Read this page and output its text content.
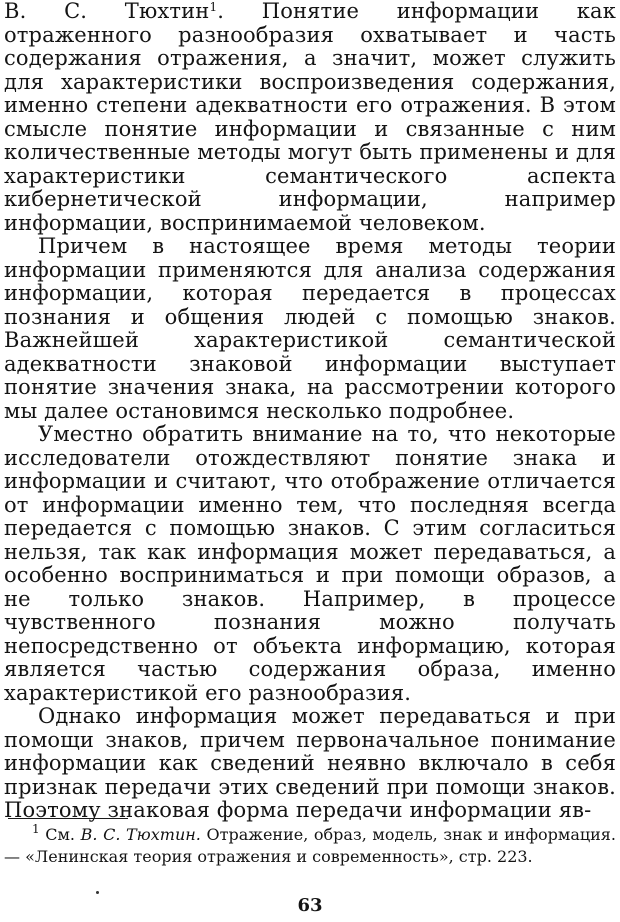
В. С. Тюхтин$^1$. Понятие информации как отраженного разнообразия охватывает и часть содержания отражения, а значит, может служить для характеристики воспроизведения содержания, именно степени адекватности его отражения. В этом смысле понятие информации и связанные с ним количественные методы могут быть применены и для характеристики семантического аспекта кибернетической информации, например информации, воспринимаемой человеком.

Причем в настоящее время методы теории информации применяются для анализа содержания информации, которая передается в процессах познания и общения людей с помощью знаков. Важнейшей характеристикой семантической адекватности знаковой информации выступает понятие значения знака, на рассмотрении которого мы далее остановимся несколько подробнее.

Уместно обратить внимание на то, что некоторые исследователи отождествляют понятие знака и информации и считают, что отображение отличается от информации именно тем, что последняя всегда передается с помощью знаков. С этим согласиться нельзя, так как информация может передаваться, а особенно восприниматься и при помощи образов, а не только знаков. Например, в процессе чувственного познания можно получать непосредственно от объекта информацию, которая является частью содержания образа, именно характеристикой его разнообразия.

Однако информация может передаваться и при помощи знаков, причем первоначальное понимание информации как сведений неявно включало в себя признак передачи этих сведений при помощи знаков. Поэтому знаковая форма передачи информации яв-

$^1$ См. В. С. Тюхтин. Отражение, образ, модель, знак и информация. — «Ленинская теория отражения и современность», стр. 223.

63
